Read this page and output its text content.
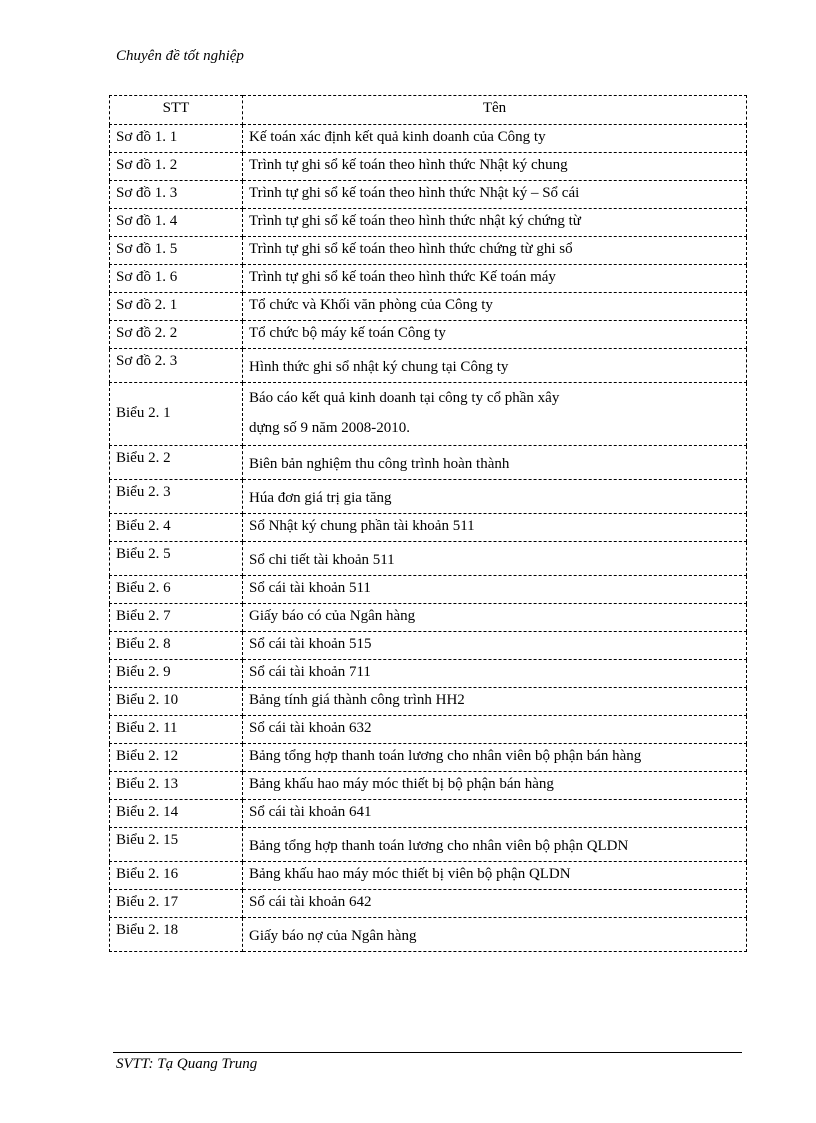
Chuyên đề tốt nghiệp
STT	Tên
Sơ đồ 1. 1	Kế toán xác định kết quả kinh doanh của Công ty
Sơ đồ 1. 2	Trình tự ghi sổ kế toán theo hình thức Nhật ký chung
Sơ đồ 1. 3	Trình tự ghi sổ kế toán theo hình thức Nhật ký – Sổ cái
Sơ đồ 1. 4	Trình tự ghi sổ kế toán theo hình thức nhật ký chứng từ
Sơ đồ 1. 5	Trình tự ghi sổ kế toán theo hình thức chứng từ ghi sổ
Sơ đồ 1. 6	Trình tự ghi sổ kế toán theo hình thức Kế toán máy
Sơ đồ 2. 1	Tổ chức và Khối văn phòng của Công ty
Sơ đồ 2. 2	Tổ chức bộ máy kế toán Công ty
Sơ đồ 2. 3	Hình thức ghi sổ nhật ký chung tại Công ty
Biểu 2. 1	Báo cáo kết quả kinh doanh tại công ty cổ phần xây
dựng số 9 năm 2008-2010.

Biểu 2. 2	Biên bản nghiệm thu công trình hoàn thành
Biểu 2. 3	Húa đơn giá trị gia tăng
Biểu 2. 4	Sổ Nhật ký chung phần tài khoản 511
Biểu 2. 5	Sổ chi tiết tài khoản 511
Biểu 2. 6	Sổ cái tài khoản 511
Biểu 2. 7	Giấy báo có của Ngân hàng
Biểu 2. 8	Sổ cái tài khoản 515
Biểu 2. 9	Sổ cái tài khoản 711
Biểu 2. 10	Bảng tính giá thành công trình HH2
Biểu 2. 11	Sổ cái tài khoản 632
Biểu 2. 12	Bảng tổng hợp thanh toán lương cho nhân viên bộ phận bán hàng
Biểu 2. 13	Bảng khấu hao máy móc thiết bị bộ phận bán hàng
Biểu 2. 14	Sổ cái tài khoản 641
Biểu 2. 15	Bảng tổng hợp thanh toán lương cho nhân viên bộ phận QLDN
Biểu 2. 16	Bảng khấu hao máy móc thiết bị viên bộ phận QLDN
Biểu 2. 17	Sổ cái tài khoản 642
Biểu 2. 18	Giấy báo nợ của Ngân hàng
SVTT: Tạ Quang Trung
